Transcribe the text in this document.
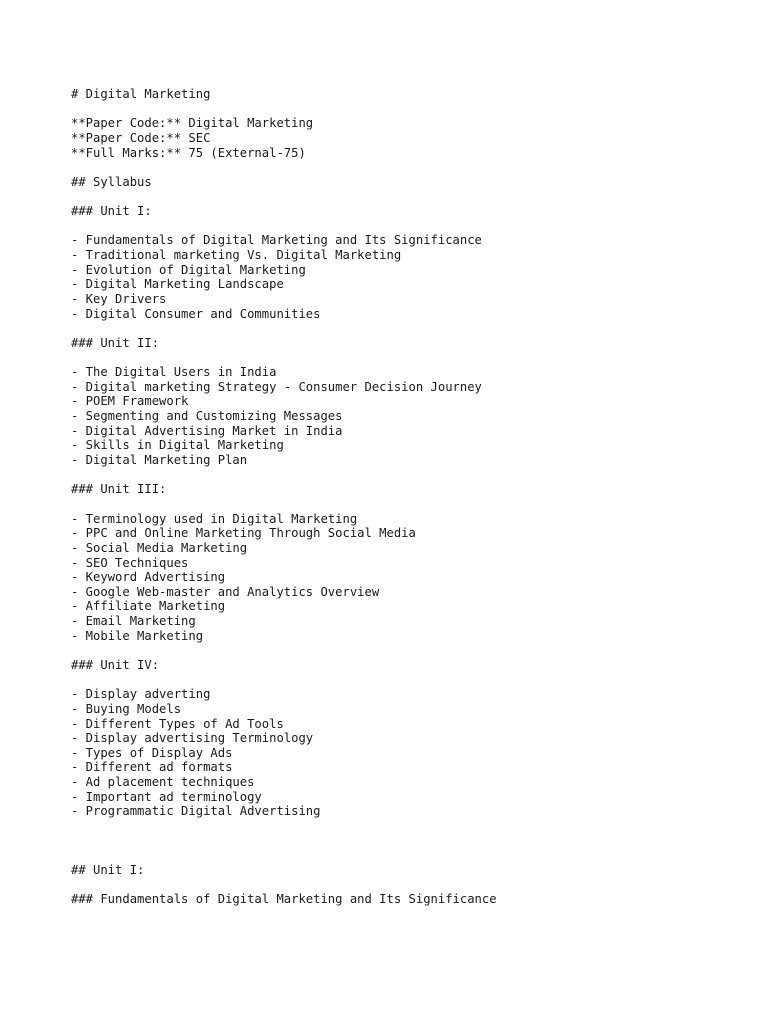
# Digital Marketing
**Paper Code:** Digital Marketing
**Paper Code:** SEC
**Full Marks:** 75 (External-75)
## Syllabus
### Unit I:
- Fundamentals of Digital Marketing and Its Significance
- Traditional marketing Vs. Digital Marketing
- Evolution of Digital Marketing
- Digital Marketing Landscape
- Key Drivers
- Digital Consumer and Communities
### Unit II:
- The Digital Users in India
- Digital marketing Strategy - Consumer Decision Journey
- POEM Framework
- Segmenting and Customizing Messages
- Digital Advertising Market in India
- Skills in Digital Marketing
- Digital Marketing Plan
### Unit III:
- Terminology used in Digital Marketing
- PPC and Online Marketing Through Social Media
- Social Media Marketing
- SEO Techniques
- Keyword Advertising
- Google Web-master and Analytics Overview
- Affiliate Marketing
- Email Marketing
- Mobile Marketing
### Unit IV:
- Display adverting
- Buying Models
- Different Types of Ad Tools
- Display advertising Terminology
- Types of Display Ads
- Different ad formats
- Ad placement techniques
- Important ad terminology
- Programmatic Digital Advertising
## Unit I:
### Fundamentals of Digital Marketing and Its Significance
